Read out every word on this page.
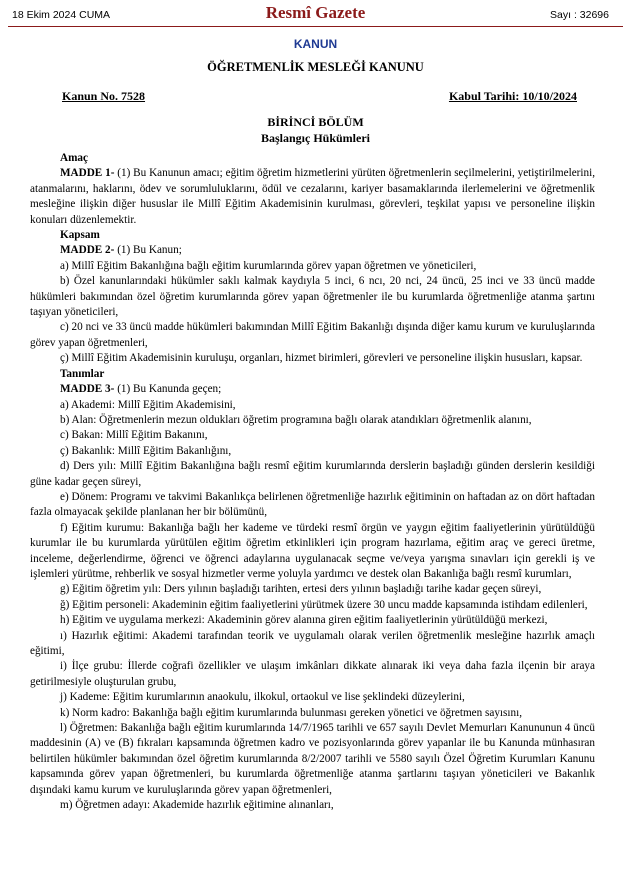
18 Ekim 2024 CUMA	Resmî Gazete	Sayı : 32696
KANUN
ÖĞRETMENLİK MESLEĞİ KANUNU
Kanun No. 7528	Kabul Tarihi: 10/10/2024
BİRİNCİ BÖLÜM
Başlangıç Hükümleri

Amaç

MADDE 1- (1) Bu Kanunun amacı; eğitim öğretim hizmetlerini yürüten öğretmenlerin seçilmelerini, yetiştirilmelerini, atanmalarını, haklarını, ödev ve sorumluluklarını, ödül ve cezalarını, kariyer basamaklarında ilerlemelerini ve öğretmenlik mesleğine ilişkin diğer hususlar ile Millî Eğitim Akademisinin kurulması, görevleri, teşkilat yapısı ve personeline ilişkin konuları düzenlemektir.

Kapsam

MADDE 2- (1) Bu Kanun;

a) Millî Eğitim Bakanlığına bağlı eğitim kurumlarında görev yapan öğretmen ve yöneticileri,

b) Özel kanunlarındaki hükümler saklı kalmak kaydıyla 5 inci, 6 ncı, 20 nci, 24 üncü, 25 inci ve 33 üncü madde hükümleri bakımından özel öğretim kurumlarında görev yapan öğretmenler ile bu kurumlarda öğretmenliğe atanma şartını taşıyan yöneticileri,

c) 20 nci ve 33 üncü madde hükümleri bakımından Millî Eğitim Bakanlığı dışında diğer kamu kurum ve kuruluşlarında görev yapan öğretmenleri,

ç) Millî Eğitim Akademisinin kuruluşu, organları, hizmet birimleri, görevleri ve personeline ilişkin hususları, kapsar.

Tanımlar

MADDE 3- (1) Bu Kanunda geçen;

a) Akademi: Millî Eğitim Akademisini,

b) Alan: Öğretmenlerin mezun oldukları öğretim programına bağlı olarak atandıkları öğretmenlik alanını,

c) Bakan: Millî Eğitim Bakanını,

ç) Bakanlık: Millî Eğitim Bakanlığını,

d) Ders yılı: Millî Eğitim Bakanlığına bağlı resmî eğitim kurumlarında derslerin başladığı günden derslerin kesildiği güne kadar geçen süreyi,

e) Dönem: Programı ve takvimi Bakanlıkça belirlenen öğretmenliğe hazırlık eğitiminin on haftadan az on dört haftadan fazla olmayacak şekilde planlanan her bir bölümünü,

f) Eğitim kurumu: Bakanlığa bağlı her kademe ve türdeki resmî örgün ve yaygın eğitim faaliyetlerinin yürütüldüğü kurumlar ile bu kurumlarda yürütülen eğitim öğretim etkinlikleri için program hazırlama, eğitim araç ve gereci üretme, inceleme, değerlendirme, öğrenci ve öğrenci adaylarına uygulanacak seçme ve/veya yarışma sınavları için gerekli iş ve işlemleri yürütme, rehberlik ve sosyal hizmetler verme yoluyla yardımcı ve destek olan Bakanlığa bağlı resmî kurumları,

g) Eğitim öğretim yılı: Ders yılının başladığı tarihten, ertesi ders yılının başladığı tarihe kadar geçen süreyi,

ğ) Eğitim personeli: Akademinin eğitim faaliyetlerini yürütmek üzere 30 uncu madde kapsamında istihdam edilenleri,

h) Eğitim ve uygulama merkezi: Akademinin görev alanına giren eğitim faaliyetlerinin yürütüldüğü merkezi,

ı) Hazırlık eğitimi: Akademi tarafından teorik ve uygulamalı olarak verilen öğretmenlik mesleğine hazırlık amaçlı eğitimi,

i) İlçe grubu: İllerde coğrafi özellikler ve ulaşım imkânları dikkate alınarak iki veya daha fazla ilçenin bir araya getirilmesiyle oluşturulan grubu,

j) Kademe: Eğitim kurumlarının anaokulu, ilkokul, ortaokul ve lise şeklindeki düzeylerini,

k) Norm kadro: Bakanlığa bağlı eğitim kurumlarında bulunması gereken yönetici ve öğretmen sayısını,

l) Öğretmen: Bakanlığa bağlı eğitim kurumlarında 14/7/1965 tarihli ve 657 sayılı Devlet Memurları Kanununun 4 üncü maddesinin (A) ve (B) fıkraları kapsamında öğretmen kadro ve pozisyonlarında görev yapanlar ile bu Kanunda münhasıran belirtilen hükümler bakımından özel öğretim kurumlarında 8/2/2007 tarihli ve 5580 sayılı Özel Öğretim Kurumları Kanunu kapsamında görev yapan öğretmenleri, bu kurumlarda öğretmenliğe atanma şartlarını taşıyan yöneticileri ve Bakanlık dışındaki kamu kurum ve kuruluşlarında görev yapan öğretmenleri,

m) Öğretmen adayı: Akademide hazırlık eğitimine alınanları,
